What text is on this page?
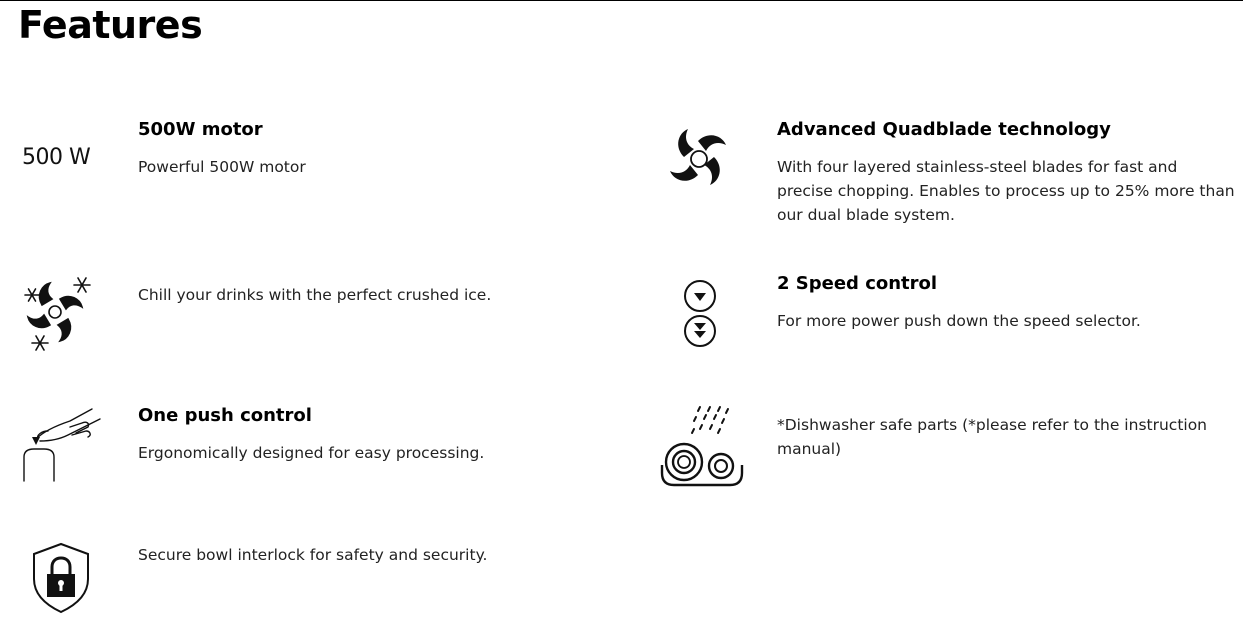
Features
500 W

500W motor

Powerful 500W motor

Chill your drinks with the perfect crushed ice.

One push control

Ergonomically designed for easy processing.

Secure bowl interlock for safety and security.

Advanced Quadblade technology

With four layered stainless-steel blades for fast and precise chopping. Enables to process up to 25% more than our dual blade system.

2 Speed control

For more power push down the speed selector.

*Dishwasher safe parts (*please refer to the instruction manual)
